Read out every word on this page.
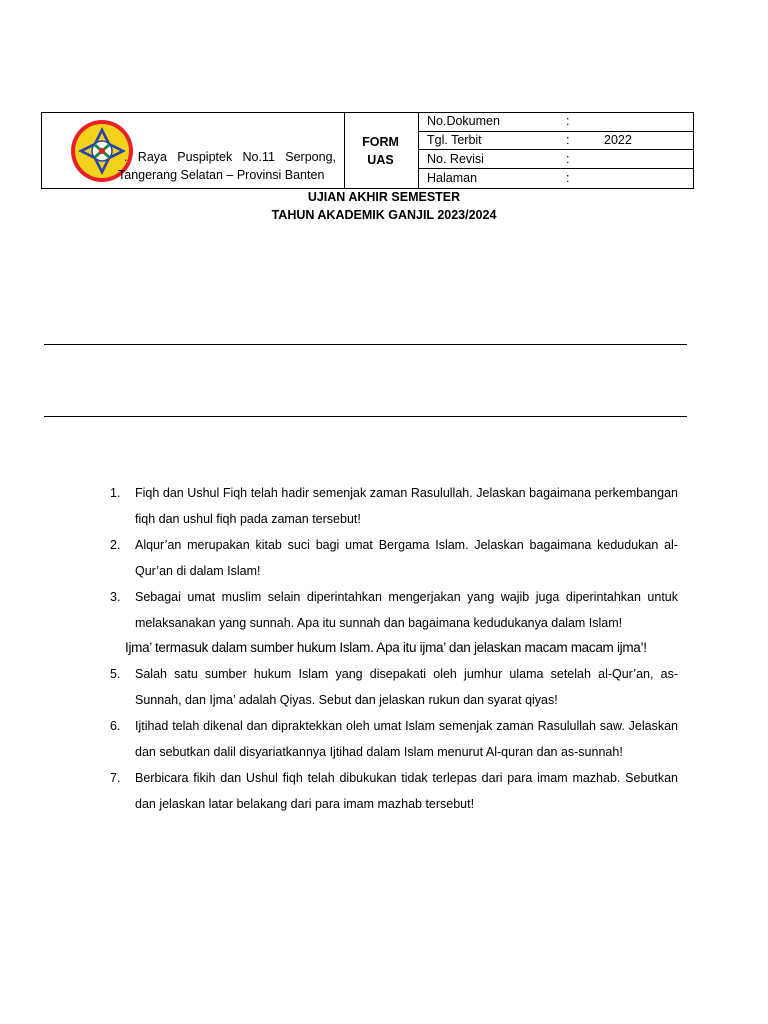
. Raya Puspiptek No.11 Serpong,
Tangerang Selatan – Provinsi Banten
FORM
UAS
No.Dokumen	:
Tgl. Terbit	:	2022
No. Revisi	:
Halaman	:
UJIAN AKHIR SEMESTER
TAHUN AKADEMIK GANJIL 2023/2024
1. Fiqh dan Ushul Fiqh telah hadir semenjak zaman Rasulullah. Jelaskan bagaimana perkembangan fiqh dan ushul fiqh pada zaman tersebut!
2. Alqur’an merupakan kitab suci bagi umat Bergama Islam. Jelaskan bagaimana kedudukan al-Qur’an di dalam Islam!
3. Sebagai umat muslim selain diperintahkan mengerjakan yang wajib juga diperintahkan untuk melaksanakan yang sunnah. Apa itu sunnah dan bagaimana kedudukanya dalam Islam!
Ijma’ termasuk dalam sumber hukum Islam. Apa itu ijma’ dan jelaskan macam macam ijma’!
5. Salah satu sumber hukum Islam yang disepakati oleh jumhur ulama setelah al-Qur’an, as-Sunnah, dan Ijma’ adalah Qiyas. Sebut dan jelaskan rukun dan syarat qiyas!
6. Ijtihad telah dikenal dan dipraktekkan oleh umat Islam semenjak zaman Rasulullah saw. Jelaskan dan sebutkan dalil disyariatkannya Ijtihad dalam Islam menurut Al-quran dan as-sunnah!
7. Berbicara fikih dan Ushul fiqh telah dibukukan tidak terlepas dari para imam mazhab. Sebutkan dan jelaskan latar belakang dari para imam mazhab tersebut!
